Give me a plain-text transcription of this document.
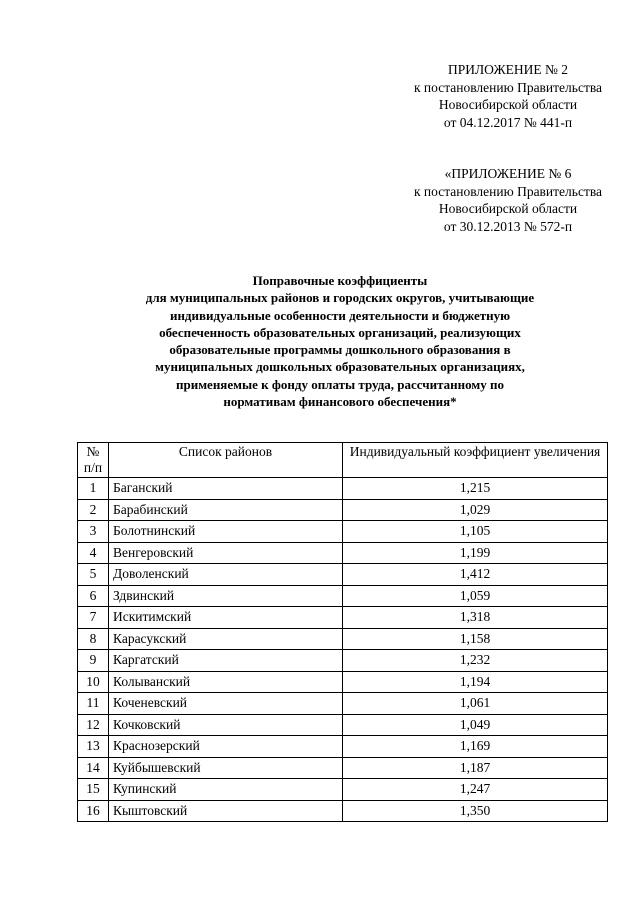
ПРИЛОЖЕНИЕ № 2
к постановлению Правительства
Новосибирской области
от 04.12.2017 № 441-п
«ПРИЛОЖЕНИЕ № 6
к постановлению Правительства
Новосибирской области
от 30.12.2013 № 572-п
Поправочные коэффициенты
для муниципальных районов и городских округов, учитывающие
индивидуальные особенности деятельности и бюджетную
обеспеченность образовательных организаций, реализующих
образовательные программы дошкольного образования в
муниципальных дошкольных образовательных организациях,
применяемые к фонду оплаты труда, рассчитанному по
нормативам финансового обеспечения*
№ п/п	Список районов	Индивидуальный коэффициент увеличения
1	Баганский	1,215
2	Барабинский	1,029
3	Болотнинский	1,105
4	Венгеровский	1,199
5	Доволенский	1,412
6	Здвинский	1,059
7	Искитимский	1,318
8	Карасукский	1,158
9	Каргатский	1,232
10	Колыванский	1,194
11	Коченевский	1,061
12	Кочковский	1,049
13	Краснозерский	1,169
14	Куйбышевский	1,187
15	Купинский	1,247
16	Кыштовский	1,350
